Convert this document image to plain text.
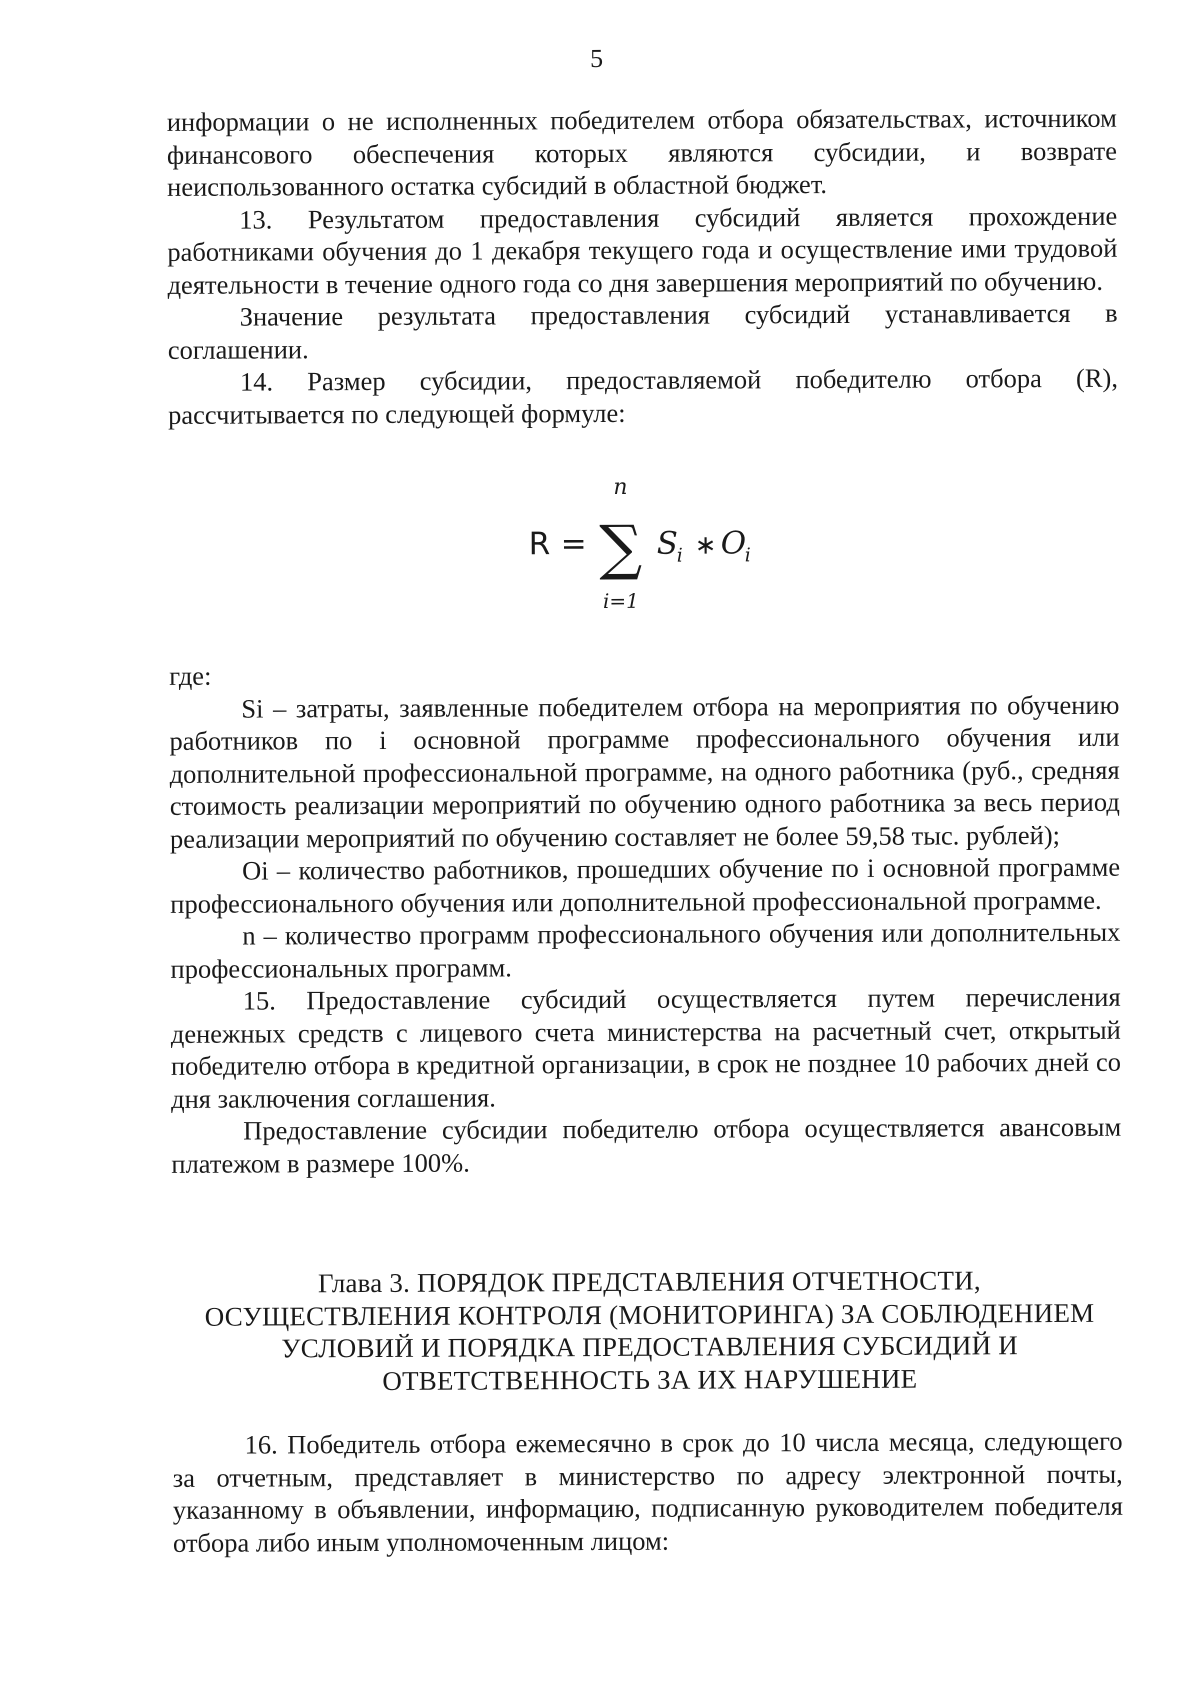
5

информации о не исполненных победителем отбора обязательствах, источником финансового обеспечения которых являются субсидии, и возврате неиспользованного остатка субсидий в областной бюджет.

13. Результатом предоставления субсидий является прохождение работниками обучения до 1 декабря текущего года и осуществление ими трудовой деятельности в течение одного года со дня завершения мероприятий по обучению.

Значение результата предоставления субсидий устанавливается в соглашении.

14. Размер субсидии, предоставляемой победителю отбора (R), рассчитывается по следующей формуле:

R =
n
∑
i=1
S
i ∗ O
i

где:

Si – затраты, заявленные победителем отбора на мероприятия по обучению работников по i основной программе профессионального обучения или дополнительной профессиональной программе, на одного работника (руб., средняя стоимость реализации мероприятий по обучению одного работника за весь период реализации мероприятий по обучению составляет не более 59,58 тыс. рублей);

Oi – количество работников, прошедших обучение по i основной программе профессионального обучения или дополнительной профессиональной программе.

n – количество программ профессионального обучения или дополнительных профессиональных программ.

15. Предоставление субсидий осуществляется путем перечисления денежных средств с лицевого счета министерства на расчетный счет, открытый победителю отбора в кредитной организации, в срок не позднее 10 рабочих дней со дня заключения соглашения.

Предоставление субсидии победителю отбора осуществляется авансовым платежом в размере 100%.

Глава 3. ПОРЯДОК ПРЕДСТАВЛЕНИЯ ОТЧЕТНОСТИ,
ОСУЩЕСТВЛЕНИЯ КОНТРОЛЯ (МОНИТОРИНГА) ЗА СОБЛЮДЕНИЕМ
УСЛОВИЙ И ПОРЯДКА ПРЕДОСТАВЛЕНИЯ СУБСИДИЙ И
ОТВЕТСТВЕННОСТЬ ЗА ИХ НАРУШЕНИЕ

16. Победитель отбора ежемесячно в срок до 10 числа месяца, следующего за отчетным, представляет в министерство по адресу электронной почты, указанному в объявлении, информацию, подписанную руководителем победителя отбора либо иным уполномоченным лицом:
